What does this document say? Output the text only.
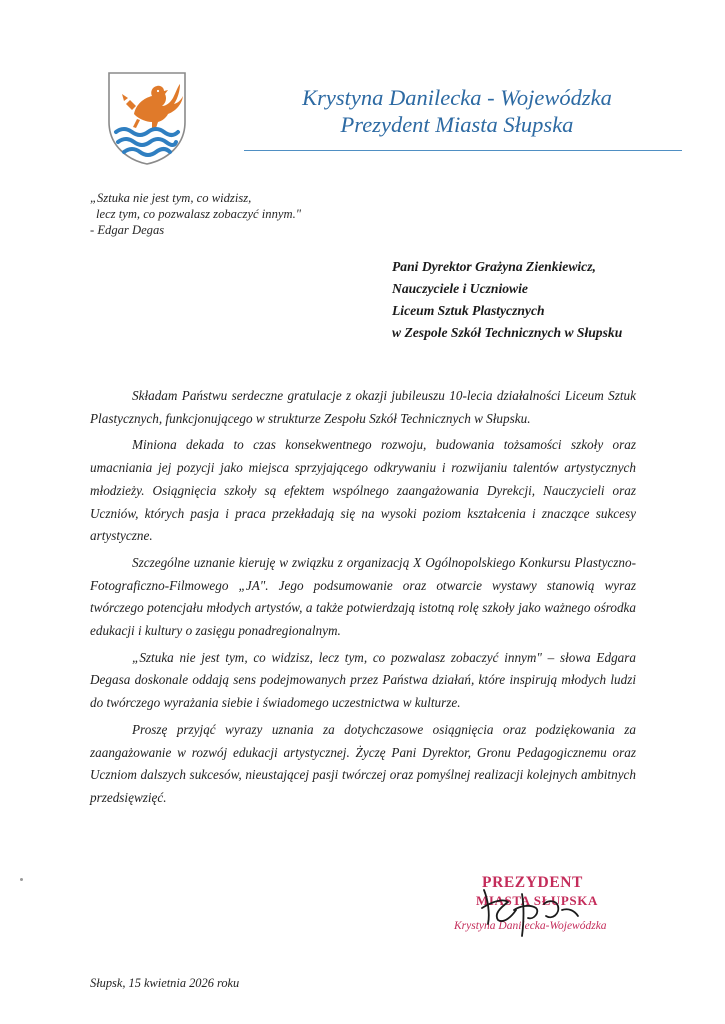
Krystyna Danilecka - Wojewódzka
Prezydent Miasta Słupska
„Sztuka nie jest tym, co widzisz,
lecz tym, co pozwalasz zobaczyć innym."
- Edgar Degas
Pani Dyrektor Grażyna Zienkiewicz,
Nauczyciele i Uczniowie
Liceum Sztuk Plastycznych
w Zespole Szkół Technicznych w Słupsku

Składam Państwu serdeczne gratulacje z okazji jubileuszu 10-lecia działalności Liceum Sztuk Plastycznych, funkcjonującego w strukturze Zespołu Szkół Technicznych w Słupsku.

Miniona dekada to czas konsekwentnego rozwoju, budowania tożsamości szkoły oraz umacniania jej pozycji jako miejsca sprzyjającego odkrywaniu i rozwijaniu talentów artystycznych młodzieży. Osiągnięcia szkoły są efektem wspólnego zaangażowania Dyrekcji, Nauczycieli oraz Uczniów, których pasja i praca przekładają się na wysoki poziom kształcenia i znaczące sukcesy artystyczne.

Szczególne uznanie kieruję w związku z organizacją X Ogólnopolskiego Konkursu Plastyczno-Fotograficzno-Filmowego „JA". Jego podsumowanie oraz otwarcie wystawy stanowią wyraz twórczego potencjału młodych artystów, a także potwierdzają istotną rolę szkoły jako ważnego ośrodka edukacji i kultury o zasięgu ponadregionalnym.

„Sztuka nie jest tym, co widzisz, lecz tym, co pozwalasz zobaczyć innym" – słowa Edgara Degasa doskonale oddają sens podejmowanych przez Państwa działań, które inspirują młodych ludzi do twórczego wyrażania siebie i świadomego uczestnictwa w kulturze.

Proszę przyjąć wyrazy uznania za dotychczasowe osiągnięcia oraz podziękowania za zaangażowanie w rozwój edukacji artystycznej. Życzę Pani Dyrektor, Gronu Pedagogicznemu oraz Uczniom dalszych sukcesów, nieustającej pasji twórczej oraz pomyślnej realizacji kolejnych ambitnych przedsięwzięć.

PREZYDENT
MIASTA SŁUPSKA
Krystyna Danilecka-Wojewódzka
Słupsk, 15 kwietnia 2026 roku
